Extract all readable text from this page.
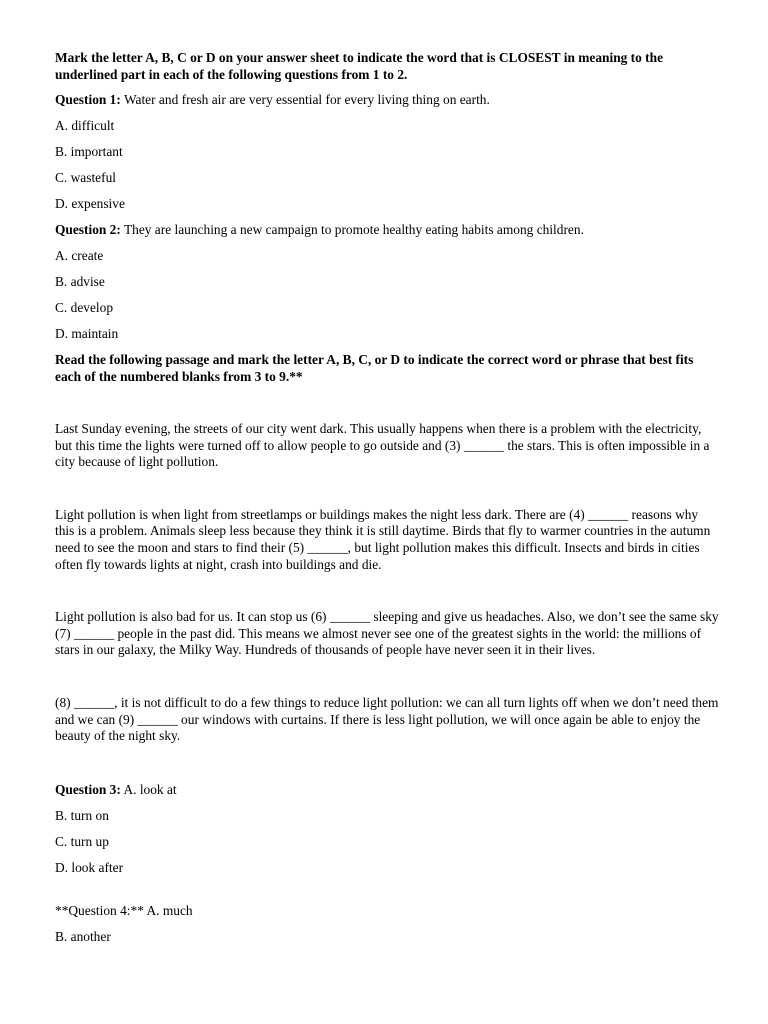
Mark the letter A, B, C or D on your answer sheet to indicate the word that is CLOSEST in meaning to the underlined part in each of the following questions from 1 to 2.

Question 1: Water and fresh air are very essential for every living thing on earth.

A. difficult

B. important

C. wasteful

D. expensive

Question 2: They are launching a new campaign to promote healthy eating habits among children.

A. create

B. advise

C. develop

D. maintain

Read the following passage and mark the letter A, B, C, or D to indicate the correct word or phrase that best fits each of the numbered blanks from 3 to 9.**

Last Sunday evening, the streets of our city went dark. This usually happens when there is a problem with the electricity, but this time the lights were turned off to allow people to go outside and (3) ______ the stars. This is often impossible in a city because of light pollution.

Light pollution is when light from streetlamps or buildings makes the night less dark. There are (4) ______ reasons why this is a problem. Animals sleep less because they think it is still daytime. Birds that fly to warmer countries in the autumn need to see the moon and stars to find their (5) ______, but light pollution makes this difficult. Insects and birds in cities often fly towards lights at night, crash into buildings and die.

Light pollution is also bad for us. It can stop us (6) ______ sleeping and give us headaches. Also, we don’t see the same sky (7) ______ people in the past did. This means we almost never see one of the greatest sights in the world: the millions of stars in our galaxy, the Milky Way. Hundreds of thousands of people have never seen it in their lives.

(8) ______, it is not difficult to do a few things to reduce light pollution: we can all turn lights off when we don’t need them and we can (9) ______ our windows with curtains. If there is less light pollution, we will once again be able to enjoy the beauty of the night sky.

Question 3: A. look at

B. turn on

C. turn up

D. look after

**Question 4:** A. much

B. another
